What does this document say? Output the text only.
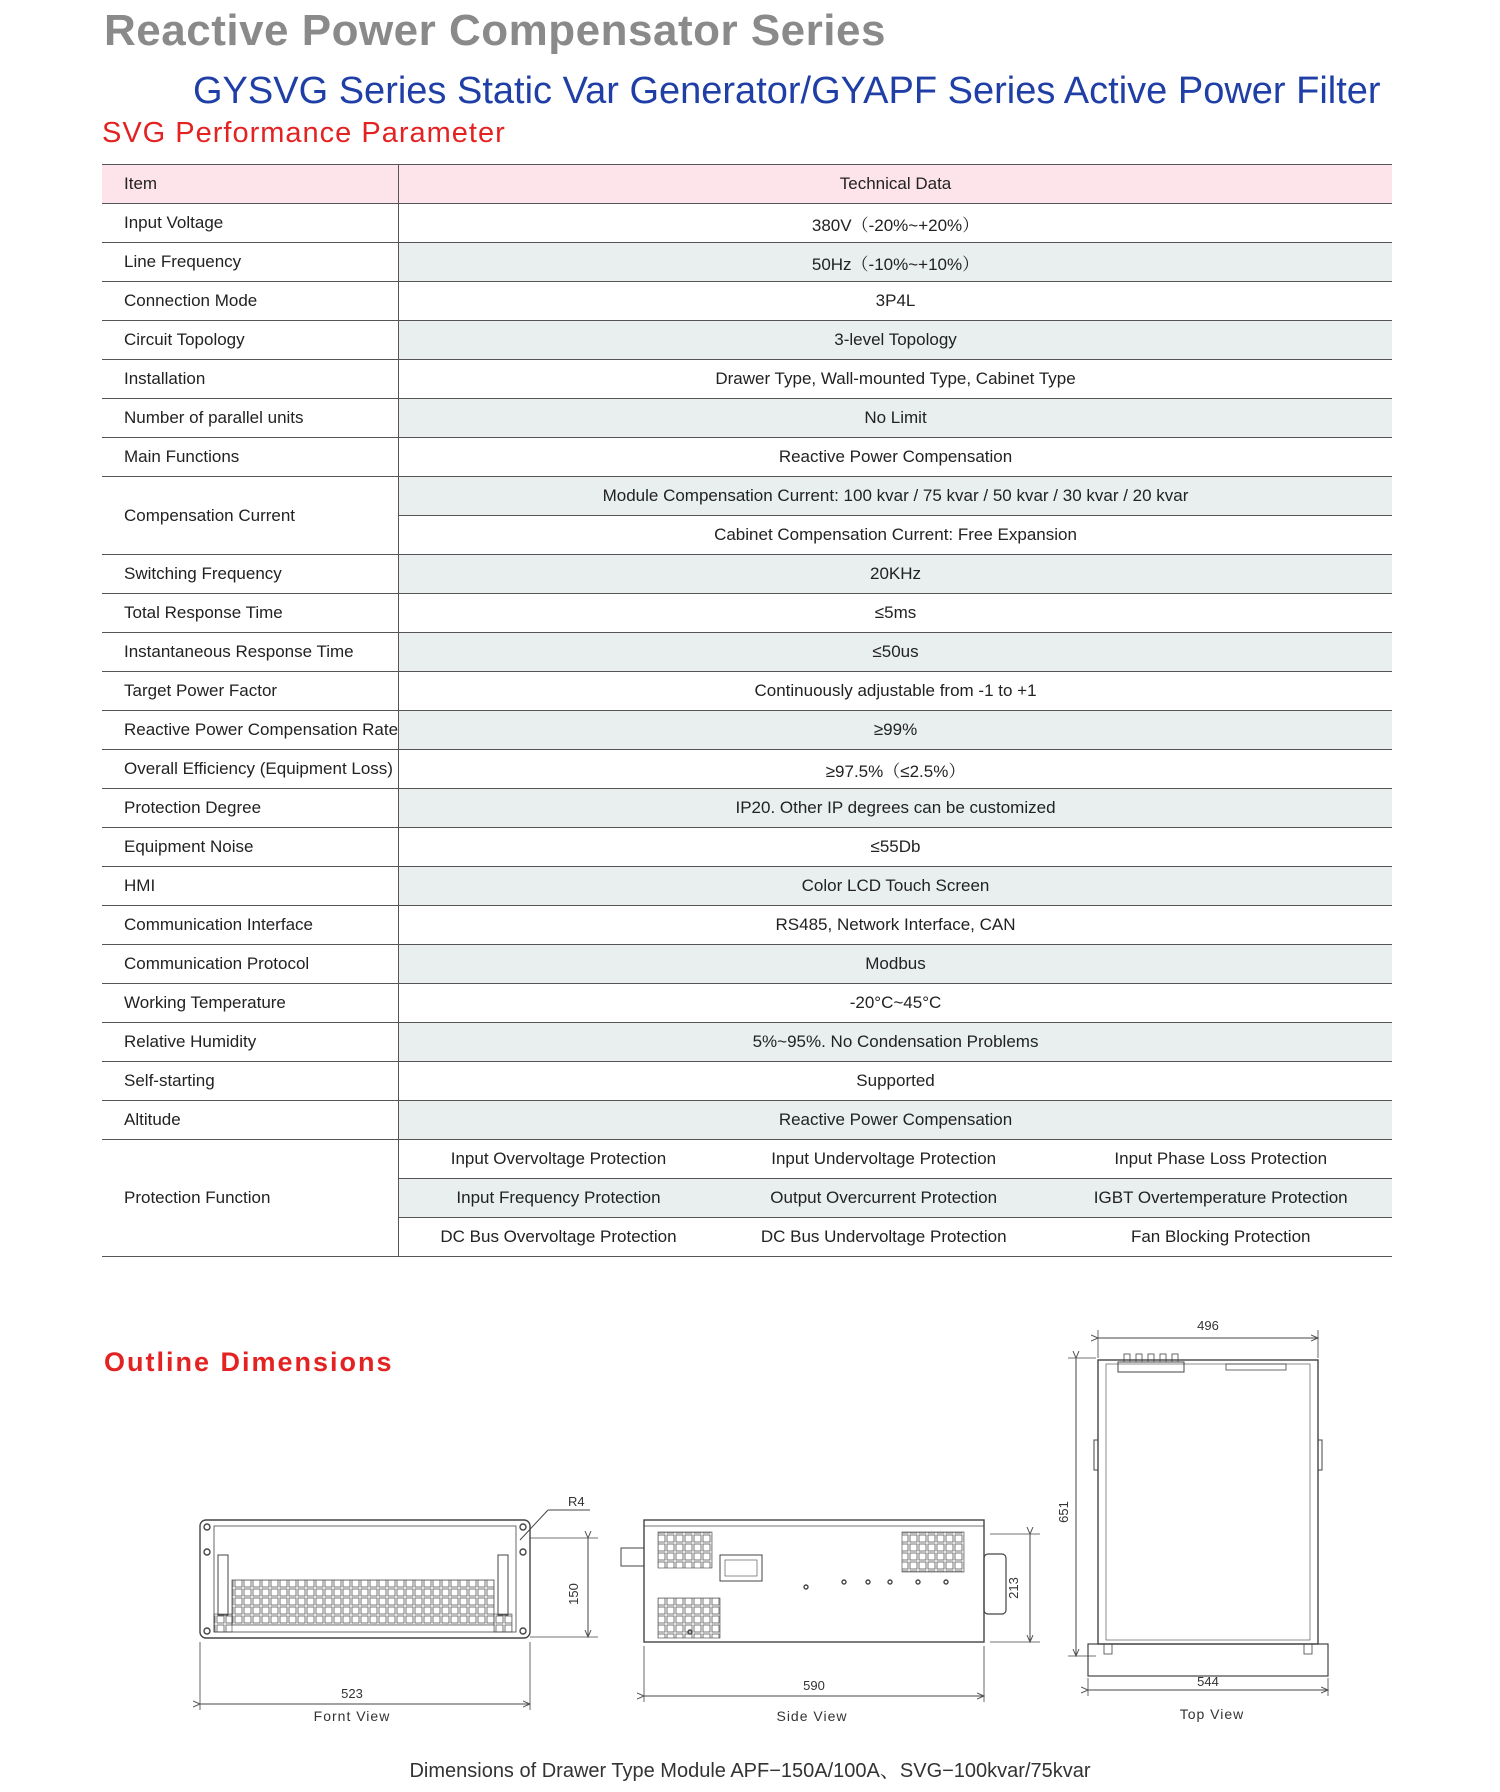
Reactive Power Compensator Series
GYSVG Series Static Var Generator/GYAPF Series Active Power Filter
SVG Performance Parameter
Item	Technical Data		
Input Voltage	380V（-20%~+20%）		
Line Frequency	50Hz（-10%~+10%）		
Connection Mode	3P4L		
Circuit Topology	3-level Topology		
Installation	Drawer Type, Wall-mounted Type, Cabinet Type		
Number of parallel units	No Limit		
Main Functions	Reactive Power Compensation		
Compensation Current	Module Compensation Current: 100 kvar / 75 kvar / 50 kvar / 30 kvar / 20 kvar		
	Cabinet Compensation Current: Free Expansion		
Switching Frequency	20KHz		
Total Response Time	≤5ms		
Instantaneous Response Time	≤50us		
Target Power Factor	Continuously adjustable from -1 to +1		
Reactive Power Compensation Rate	≥99%		
Overall Efficiency (Equipment Loss)	≥97.5%（≤2.5%）		
Protection Degree	IP20. Other IP degrees can be customized		
Equipment Noise	≤55Db		
HMI	Color LCD Touch Screen		
Communication Interface	RS485, Network Interface, CAN		
Communication Protocol	Modbus		
Working Temperature	-20°C~45°C		
Relative Humidity	5%~95%. No Condensation Problems		
Self-starting	Supported		
Altitude	Reactive Power Compensation		
Protection Function	Input Overvoltage Protection	Input Undervoltage Protection	Input Phase Loss Protection
	Input Frequency Protection	Output Overcurrent Protection	IGBT Overtemperature Protection
	DC Bus Overvoltage Protection	DC Bus Undervoltage Protection	Fan Blocking Protection
Outline Dimensions
R4
150
523
Fornt View
213
590
Side View
496
651
544
Top View
Dimensions of Drawer Type Module APF−150A/100A、SVG−100kvar/75kvar
